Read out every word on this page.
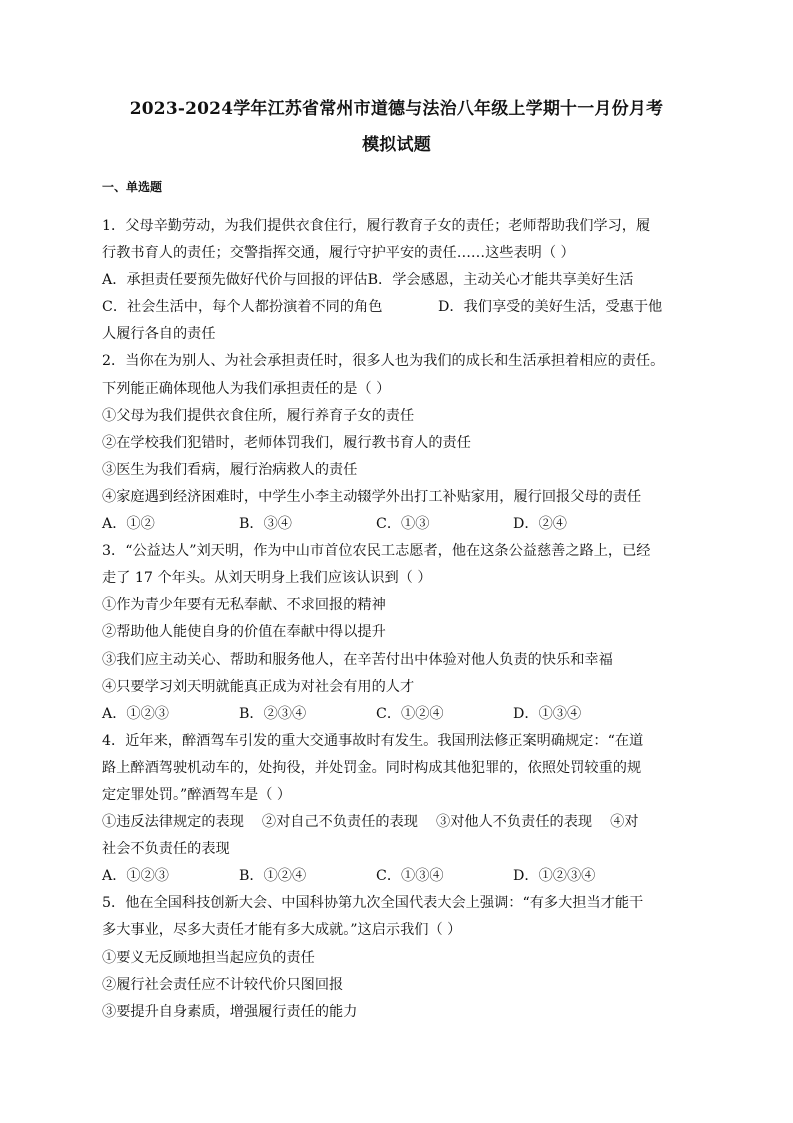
2023-2024学年江苏省常州市道德与法治八年级上学期十一月份月考
模拟试题
一、单选题
1．父母辛勤劳动，为我们提供衣食住行，履行教育子女的责任；老师帮助我们学习，履
行教书育人的责任；交警指挥交通，履行守护平安的责任……这些表明（ ）
A．承担责任要预先做好代价与回报的评估B．学会感恩，主动关心才能共享美好生活
C．社会生活中，每个人都扮演着不同的角色	D．我们享受的美好生活，受惠于他
人履行各自的责任
2．当你在为别人、为社会承担责任时，很多人也为我们的成长和生活承担着相应的责任。
下列能正确体现他人为我们承担责任的是（ ）
①父母为我们提供衣食住所，履行养育子女的责任
②在学校我们犯错时，老师体罚我们，履行教书育人的责任
③医生为我们看病，履行治病救人的责任
④家庭遇到经济困难时，中学生小李主动辍学外出打工补贴家用，履行回报父母的责任
A．①②	B．③④	C．①③	D．②④
3．“公益达人”刘天明，作为中山市首位农民工志愿者，他在这条公益慈善之路上，已经
走了 17 个年头。从刘天明身上我们应该认识到（ ）
①作为青少年要有无私奉献、不求回报的精神
②帮助他人能使自身的价值在奉献中得以提升
③我们应主动关心、帮助和服务他人，在辛苦付出中体验对他人负责的快乐和幸福
④只要学习刘天明就能真正成为对社会有用的人才
A．①②③	B．②③④	C．①②④	D．①③④
4．近年来，醉酒驾车引发的重大交通事故时有发生。我国刑法修正案明确规定：“在道
路上醉酒驾驶机动车的，处拘役，并处罚金。同时构成其他犯罪的，依照处罚较重的规
定定罪处罚。”醉酒驾车是（ ）
①违反法律规定的表现    ②对自己不负责任的表现    ③对他人不负责任的表现    ④对
社会不负责任的表现
A．①②③	B．①②④	C．①③④	D．①②③④
5．他在全国科技创新大会、中国科协第九次全国代表大会上强调：“有多大担当才能干
多大事业，尽多大责任才能有多大成就。”这启示我们（ ）
①要义无反顾地担当起应负的责任
②履行社会责任应不计较代价只图回报
③要提升自身素质，增强履行责任的能力
